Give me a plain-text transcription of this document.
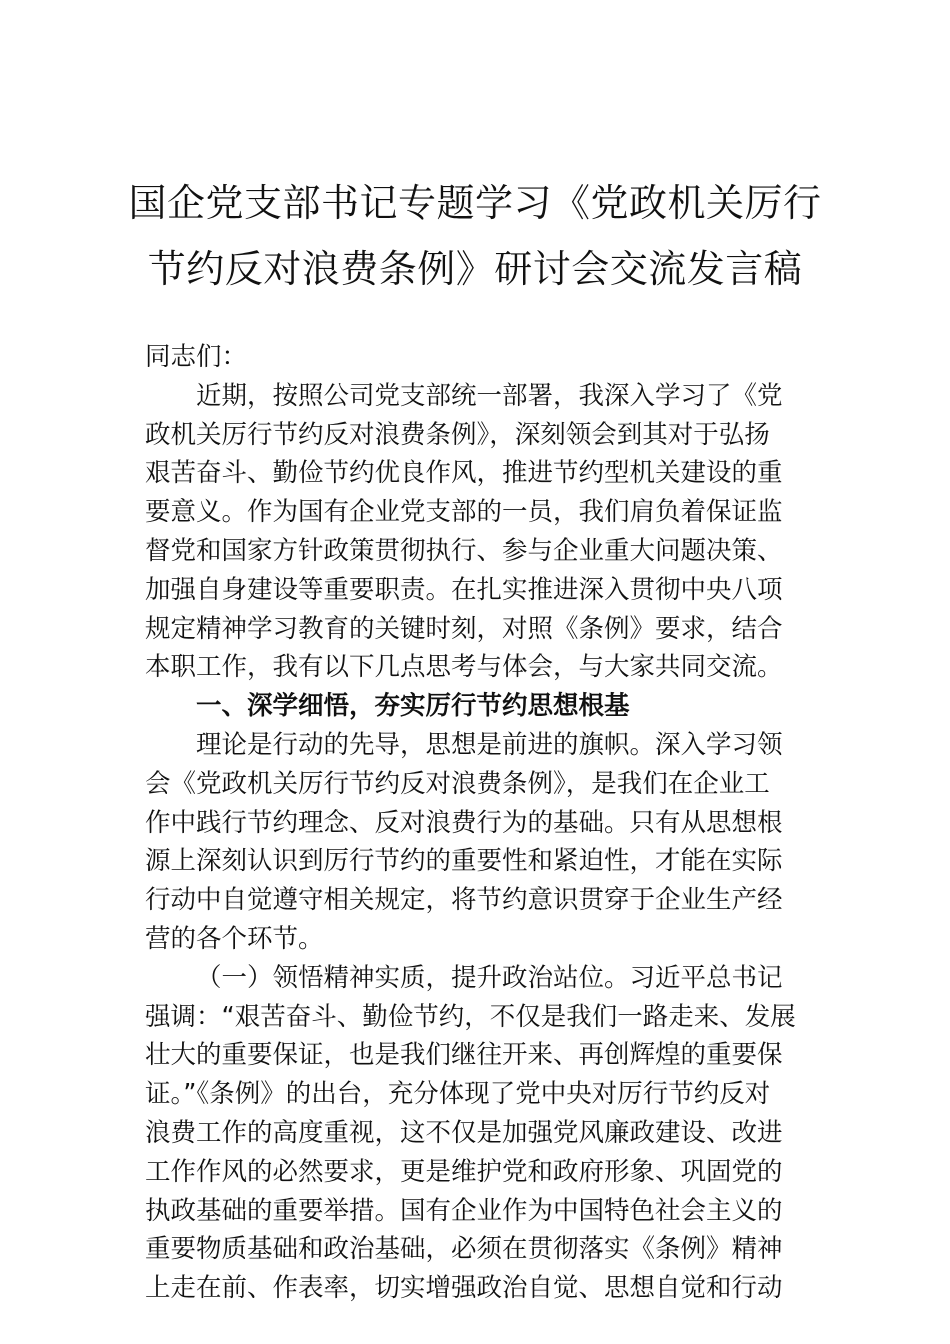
国企党支部书记专题学习《党政机关厉行
节约反对浪费条例》研讨会交流发言稿
同志们：
近期，按照公司党支部统一部署，我深入学习了《党
政机关厉行节约反对浪费条例》，深刻领会到其对于弘扬
艰苦奋斗、勤俭节约优良作风，推进节约型机关建设的重
要意义。作为国有企业党支部的一员，我们肩负着保证监
督党和国家方针政策贯彻执行、参与企业重大问题决策、
加强自身建设等重要职责。在扎实推进深入贯彻中央八项
规定精神学习教育的关键时刻，对照《条例》要求，结合
本职工作，我有以下几点思考与体会，与大家共同交流。
一、深学细悟，夯实厉行节约思想根基
理论是行动的先导，思想是前进的旗帜。深入学习领
会《党政机关厉行节约反对浪费条例》，是我们在企业工
作中践行节约理念、反对浪费行为的基础。只有从思想根
源上深刻认识到厉行节约的重要性和紧迫性，才能在实际
行动中自觉遵守相关规定，将节约意识贯穿于企业生产经
营的各个环节。
（一）领悟精神实质，提升政治站位。习近平总书记
强调：“艰苦奋斗、勤俭节约，不仅是我们一路走来、发展
壮大的重要保证，也是我们继往开来、再创辉煌的重要保
证。”《条例》的出台，充分体现了党中央对厉行节约反对
浪费工作的高度重视，这不仅是加强党风廉政建设、改进
工作作风的必然要求，更是维护党和政府形象、巩固党的
执政基础的重要举措。国有企业作为中国特色社会主义的
重要物质基础和政治基础，必须在贯彻落实《条例》精神
上走在前、作表率，切实增强政治自觉、思想自觉和行动
